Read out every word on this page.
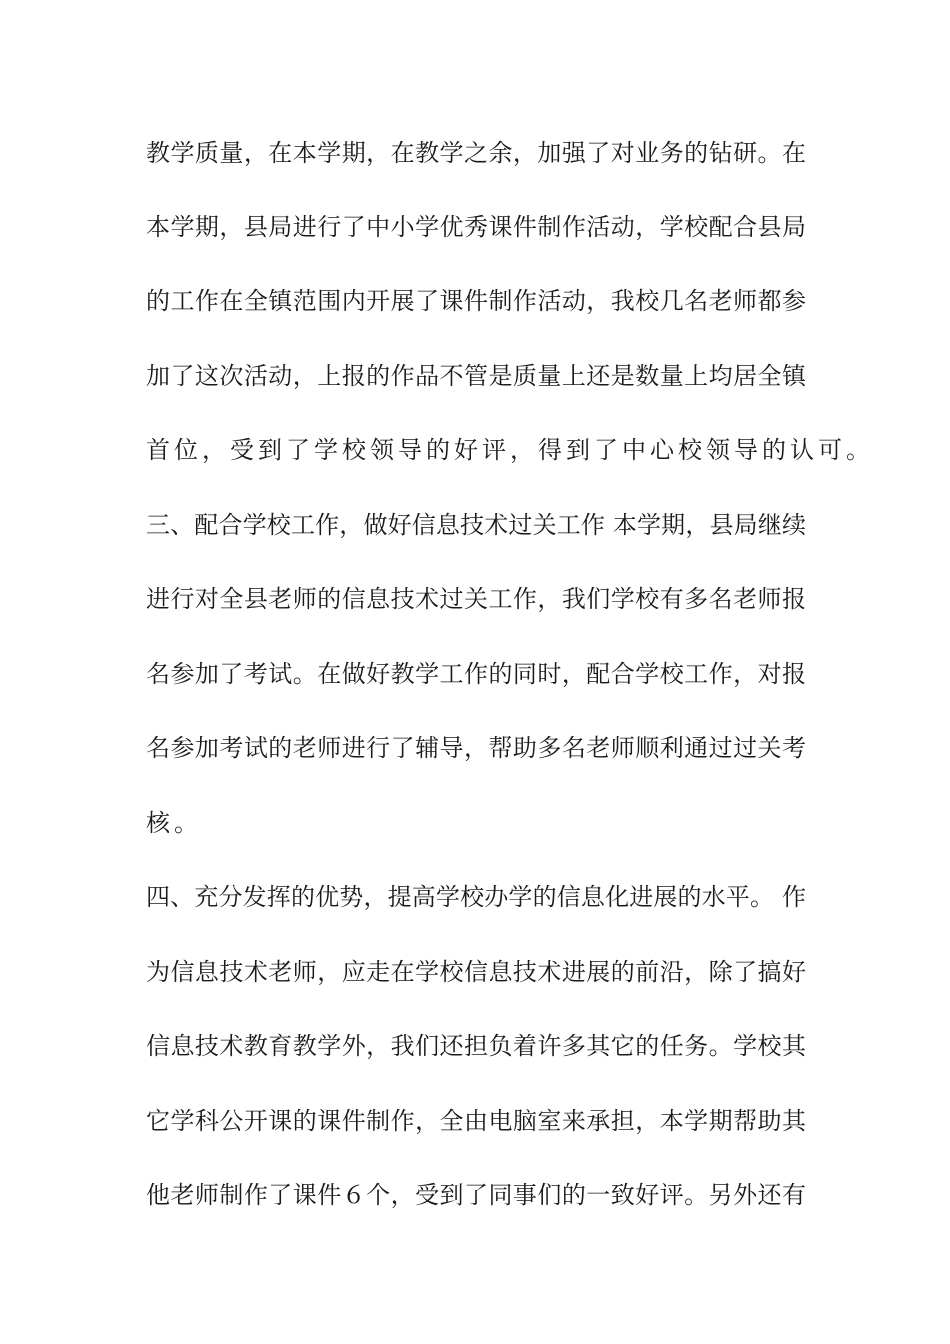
教学质量，在本学期，在教学之余，加强了对业务的钻研。在
本学期，县局进行了中小学优秀课件制作活动，学校配合县局
的工作在全镇范围内开展了课件制作活动，我校几名老师都参
加了这次活动，上报的作品不管是质量上还是数量上均居全镇
首位，受到了学校领导的好评，得到了中心校领导的认可。
三、配合学校工作，做好信息技术过关工作 本学期，县局继续
进行对全县老师的信息技术过关工作，我们学校有多名老师报
名参加了考试。在做好教学工作的同时，配合学校工作，对报
名参加考试的老师进行了辅导，帮助多名老师顺利通过过关考
核。
四、充分发挥的优势，提高学校办学的信息化进展的水平。 作
为信息技术老师，应走在学校信息技术进展的前沿，除了搞好
信息技术教育教学外，我们还担负着许多其它的任务。学校其
它学科公开课的课件制作，全由电脑室来承担，本学期帮助其
他老师制作了课件６个，受到了同事们的一致好评。另外还有
